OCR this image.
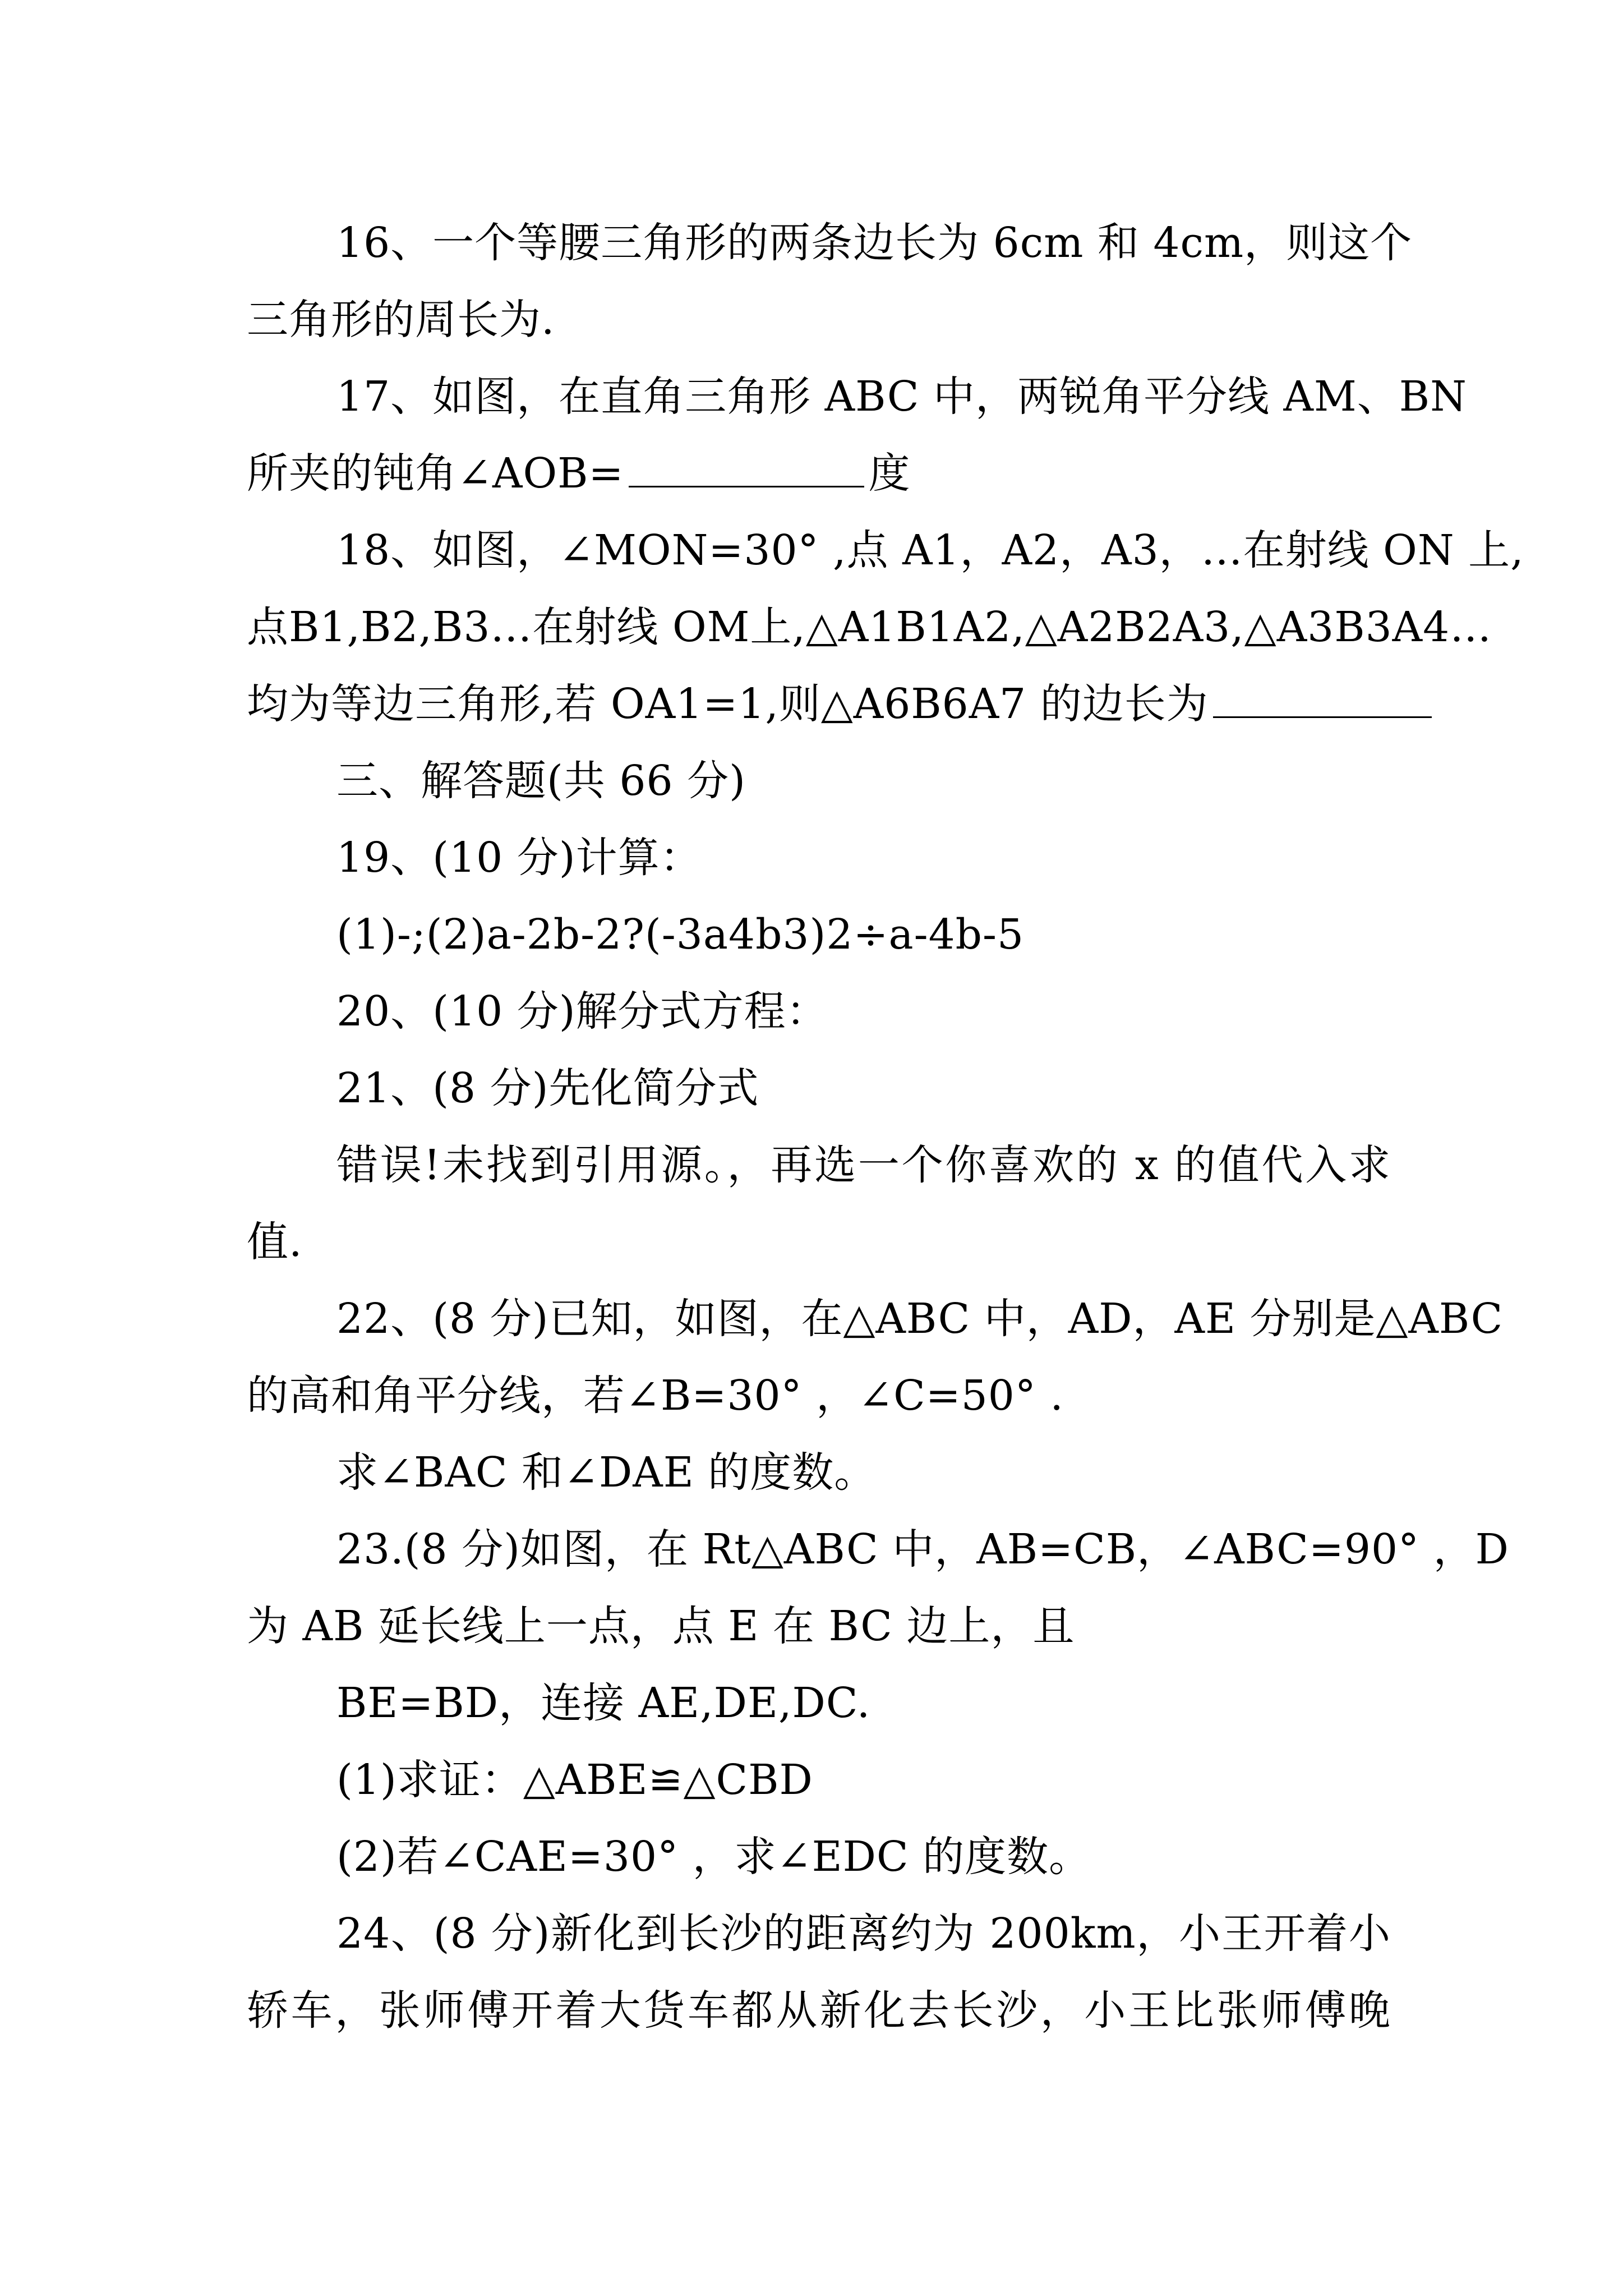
16、一个等腰三角形的两条边长为 6cm 和 4cm，则这个
三角形的周长为.
17、如图，在直角三角形 ABC 中，两锐角平分线 AM、BN
所夹的钝角∠AOB=	度
18、如图，∠MON=30° ,点 A1，A2，A3，…在射线 ON 上,
点B1,B2,B3…在射线 OM上,△A1B1A2,△A2B2A3,△A3B3A4…
均为等边三角形,若 OA1=1,则△A6B6A7 的边长为
三、解答题(共 66 分)
19、(10 分)计算：
(1)-;(2)a-2b-2?(-3a4b3)2÷a-4b-5
20、(10 分)解分式方程：
21、(8 分)先化简分式
错误!未找到引用源。，再选一个你喜欢的 x 的值代入求
值.
22、(8 分)已知，如图，在△ABC 中，AD，AE 分别是△ABC
的高和角平分线，若∠B=30° ，∠C=50° .
求∠BAC 和∠DAE 的度数。
23.(8 分)如图，在 Rt△ABC 中，AB=CB，∠ABC=90° ，D
为 AB 延长线上一点，点 E 在 BC 边上，且
BE=BD，连接 AE,DE,DC.
(1)求证：△ABE≌△CBD
(2)若∠CAE=30° ，求∠EDC 的度数。
24、(8 分)新化到长沙的距离约为 200km，小王开着小
轿车，张师傅开着大货车都从新化去长沙，小王比张师傅晚
